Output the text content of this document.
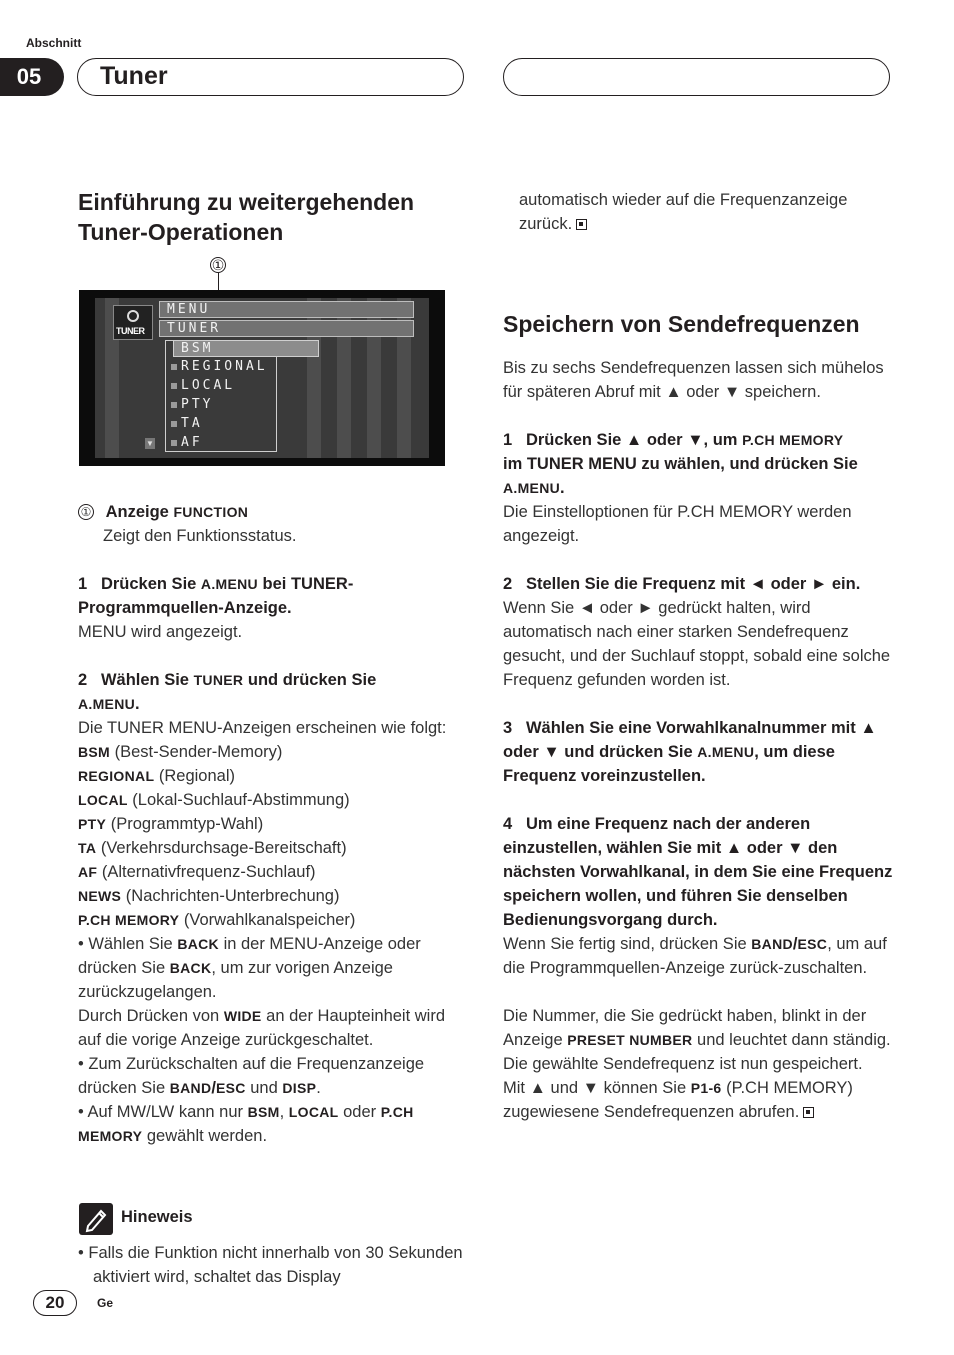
Abschnitt
05	Tuner
Einführung zu weitergehenden Tuner-Operationen
①
TUNER
MENU
TUNER
BSM
REGIONAL
LOCAL
PTY
TA
AF
▼

① Anzeige FUNCTION

Zeigt den Funktionsstatus.

1 Drücken Sie A.MENU bei TUNER-Programmquellen-Anzeige.

MENU wird angezeigt.

2 Wählen Sie TUNER und drücken Sie
A.MENU.

Die TUNER MENU-Anzeigen erscheinen wie folgt:

BSM (Best-Sender-Memory)

REGIONAL (Regional)

LOCAL (Lokal-Suchlauf-Abstimmung)

PTY (Programmtyp-Wahl)

TA (Verkehrsdurchsage-Bereitschaft)

AF (Alternativfrequenz-Suchlauf)

NEWS (Nachrichten-Unterbrechung)

P.CH MEMORY (Vorwahlkanalspeicher)

• Wählen Sie BACK in der MENU-Anzeige oder drücken Sie BACK, um zur vorigen Anzeige zurückzugelangen.

Durch Drücken von WIDE an der Haupteinheit wird auf die vorige Anzeige zurückgeschaltet.

• Zum Zurückschalten auf die Frequenzanzeige drücken Sie BAND/ESC und DISP.

• Auf MW/LW kann nur BSM, LOCAL oder P.CH MEMORY gewählt werden.

Hineweis

• Falls die Funktion nicht innerhalb von 30 Sekunden aktiviert wird, schaltet das Display

automatisch wieder auf die Frequenzanzeige zurück.

Speichern von Sendefrequenzen

Bis zu sechs Sendefrequenzen lassen sich mühelos für späteren Abruf mit ▲ oder ▼ speichern.

1 Drücken Sie ▲ oder ▼, um P.CH MEMORY
im TUNER MENU zu wählen, und drücken Sie
A.MENU.

Die Einstelloptionen für P.CH MEMORY werden angezeigt.

2 Stellen Sie die Frequenz mit ◄ oder ► ein.

Wenn Sie ◄ oder ► gedrückt halten, wird automatisch nach einer starken Sendefrequenz gesucht, und der Suchlauf stoppt, sobald eine solche Frequenz gefunden worden ist.

3 Wählen Sie eine Vorwahlkanalnummer mit ▲ oder ▼ und drücken Sie A.MENU, um diese Frequenz voreinzustellen.

4 Um eine Frequenz nach der anderen einzustellen, wählen Sie mit ▲ oder ▼ den nächsten Vorwahlkanal, in dem Sie eine Frequenz speichern wollen, und führen Sie denselben Bedienungsvorgang durch.

Wenn Sie fertig sind, drücken Sie BAND/ESC, um auf die Programmquellen-Anzeige zurück-zuschalten.

Die Nummer, die Sie gedrückt haben, blinkt in der Anzeige PRESET NUMBER und leuchtet dann ständig. Die gewählte Sendefrequenz ist nun gespeichert.

Mit ▲ und ▼ können Sie P1-6 (P.CH MEMORY) zugewiesene Sendefrequenzen abrufen.

20	Ge
